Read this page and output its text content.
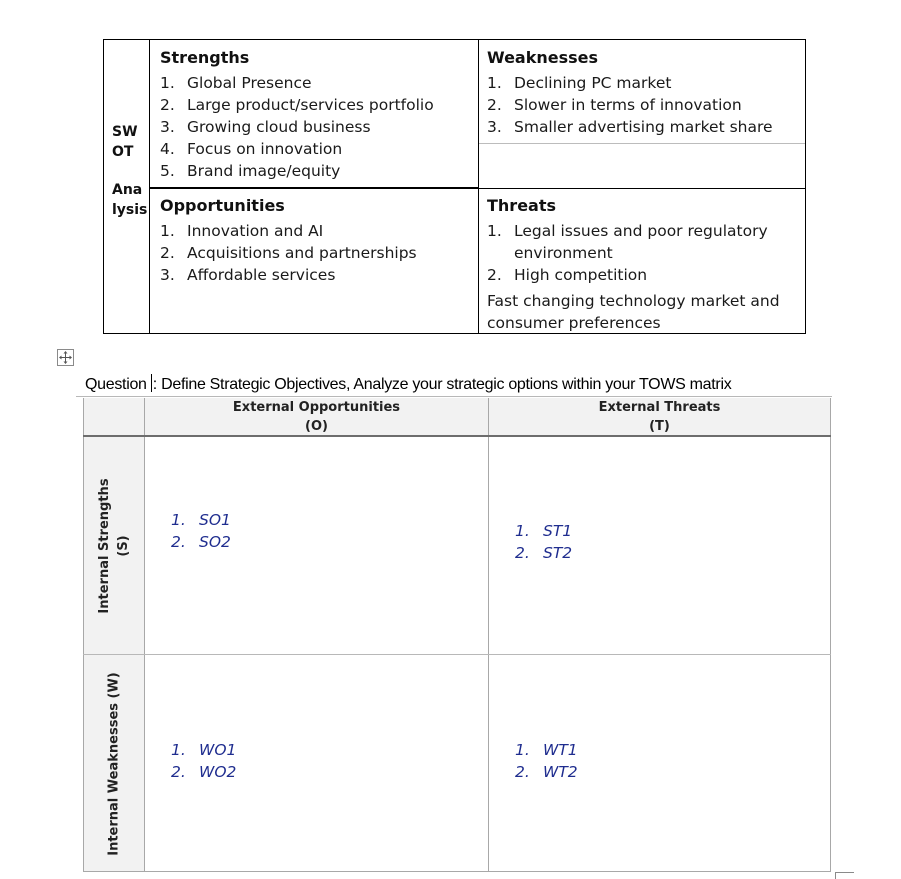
SW
OT
Ana
lysis
Strengths
1. Global Presence
2. Large product/services portfolio
3. Growing cloud business
4. Focus on innovation
5. Brand image/equity
Weaknesses
1. Declining PC market
2. Slower in terms of innovation
3. Smaller advertising market share
Opportunities
1. Innovation and AI
2. Acquisitions and partnerships
3. Affordable services
Threats
1. Legal issues and poor regulatory environment
2. High competition
Fast changing technology market and consumer preferences
Question : Define Strategic Objectives, Analyze your strategic options within your TOWS matrix
External Opportunities
(O)
External Threats
(T)
Internal Strengths (S)
1. SO1
2. SO2
1. ST1
2. ST2
Internal Weaknesses (W)	1. WO1
2. WO2
1. WT1
2. WT2
